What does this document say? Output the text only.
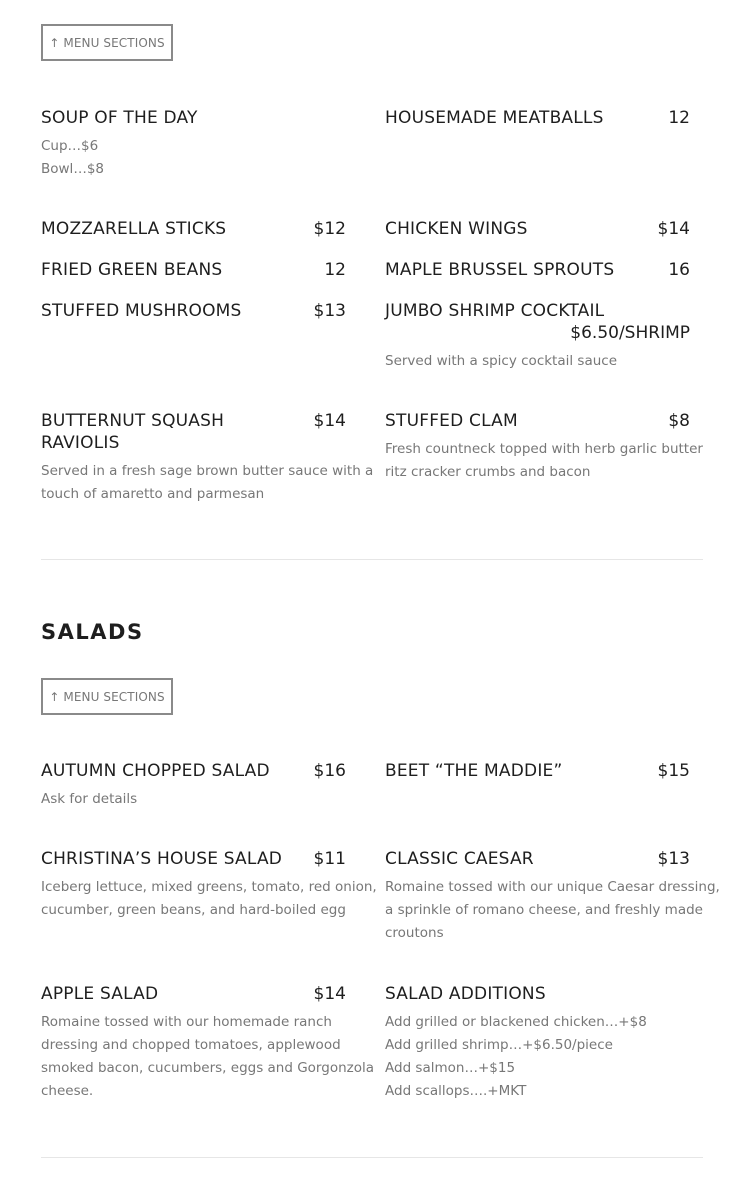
↑ MENU SECTIONS
SOUP OF THE DAY
Cup…$6
Bowl…$8
HOUSEMADE MEATBALLS	12
MOZZARELLA STICKS	$12 CHICKEN WINGS	$14
FRIED GREEN BEANS	12 MAPLE BRUSSEL SPROUTS	16
STUFFED MUSHROOMS	$13 JUMBO SHRIMP COCKTAIL
$6.50/SHRIMP
Served with a spicy cocktail sauce
BUTTERNUT SQUASH RAVIOLIS
$14
Served in a fresh sage brown butter sauce with a
touch of amaretto and parmesan
STUFFED CLAM	$8
Fresh countneck topped with herb garlic butter
ritz cracker crumbs and bacon
SALADS
↑ MENU SECTIONS
AUTUMN CHOPPED SALAD	$16
Ask for details
BEET “THE MADDIE”	$15
CHRISTINA’S HOUSE SALAD	$11
Iceberg lettuce, mixed greens, tomato, red onion,
cucumber, green beans, and hard-boiled egg
CLASSIC CAESAR	$13
Romaine tossed with our unique Caesar dressing,
a sprinkle of romano cheese, and freshly made
croutons
APPLE SALAD	$14
Romaine tossed with our homemade ranch
dressing and chopped tomatoes, applewood
smoked bacon, cucumbers, eggs and Gorgonzola
cheese.
SALAD ADDITIONS
Add grilled or blackened chicken…+$8
Add grilled shrimp…+$6.50/piece
Add salmon…+$15
Add scallops….+MKT
